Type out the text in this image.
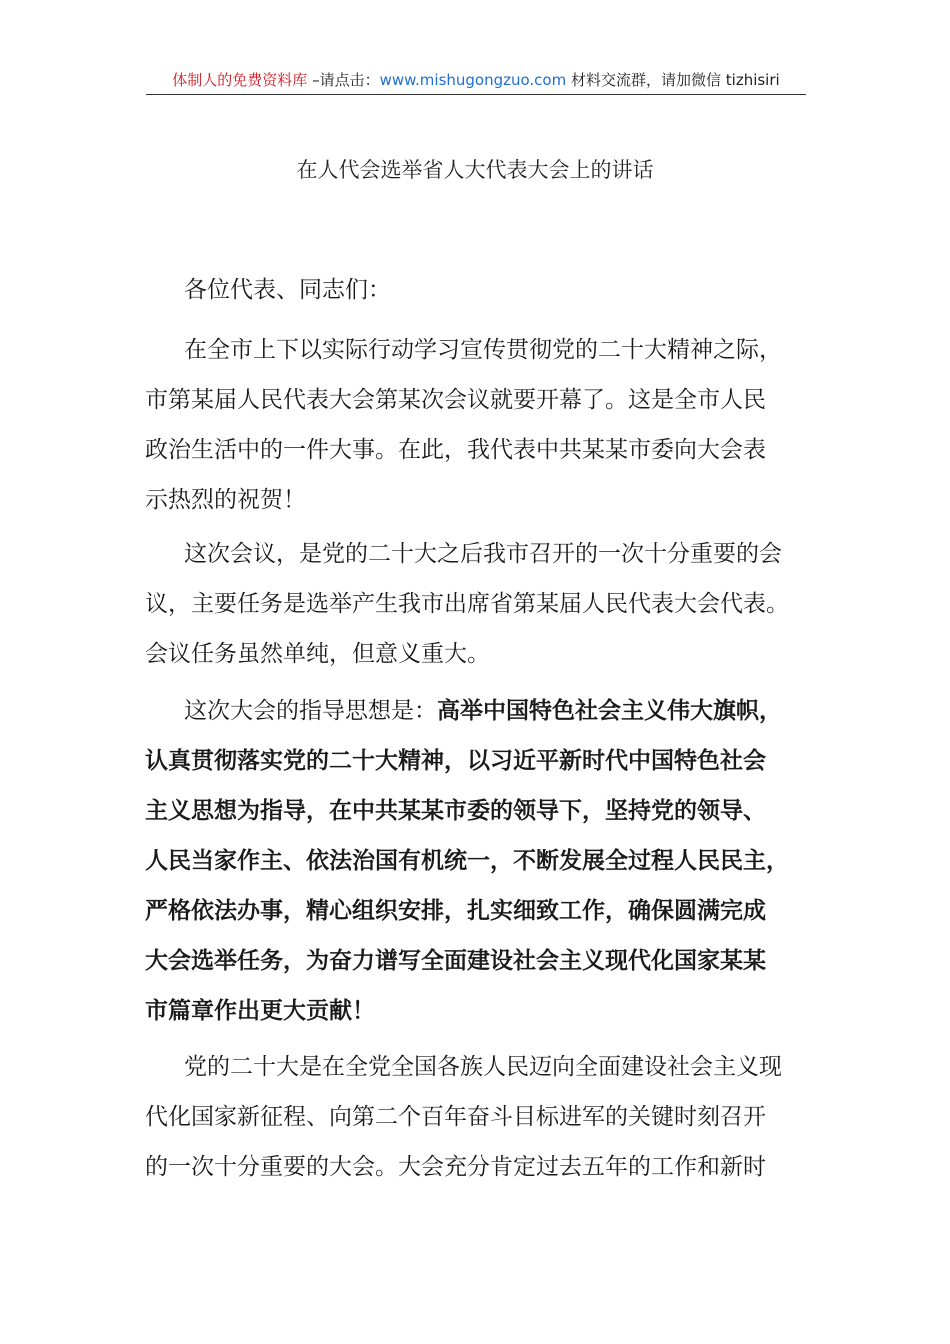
体制人的免费资料库 –请点击：www.mishugongzuo.com 材料交流群，请加微信 tizhisiri
在人代会选举省人大代表大会上的讲话
各位代表、同志们：
在全市上下以实际行动学习宣传贯彻党的二十大精神之际，
市第某届人民代表大会第某次会议就要开幕了。这是全市人民
政治生活中的一件大事。在此，我代表中共某某市委向大会表
示热烈的祝贺！
这次会议，是党的二十大之后我市召开的一次十分重要的会
议，主要任务是选举产生我市出席省第某届人民代表大会代表。
会议任务虽然单纯，但意义重大。
这次大会的指导思想是：高举中国特色社会主义伟大旗帜，
认真贯彻落实党的二十大精神，以习近平新时代中国特色社会
主义思想为指导，在中共某某市委的领导下，坚持党的领导、
人民当家作主、依法治国有机统一，不断发展全过程人民民主，
严格依法办事，精心组织安排，扎实细致工作，确保圆满完成
大会选举任务，为奋力谱写全面建设社会主义现代化国家某某
市篇章作出更大贡献！
党的二十大是在全党全国各族人民迈向全面建设社会主义现
代化国家新征程、向第二个百年奋斗目标进军的关键时刻召开
的一次十分重要的大会。大会充分肯定过去五年的工作和新时
